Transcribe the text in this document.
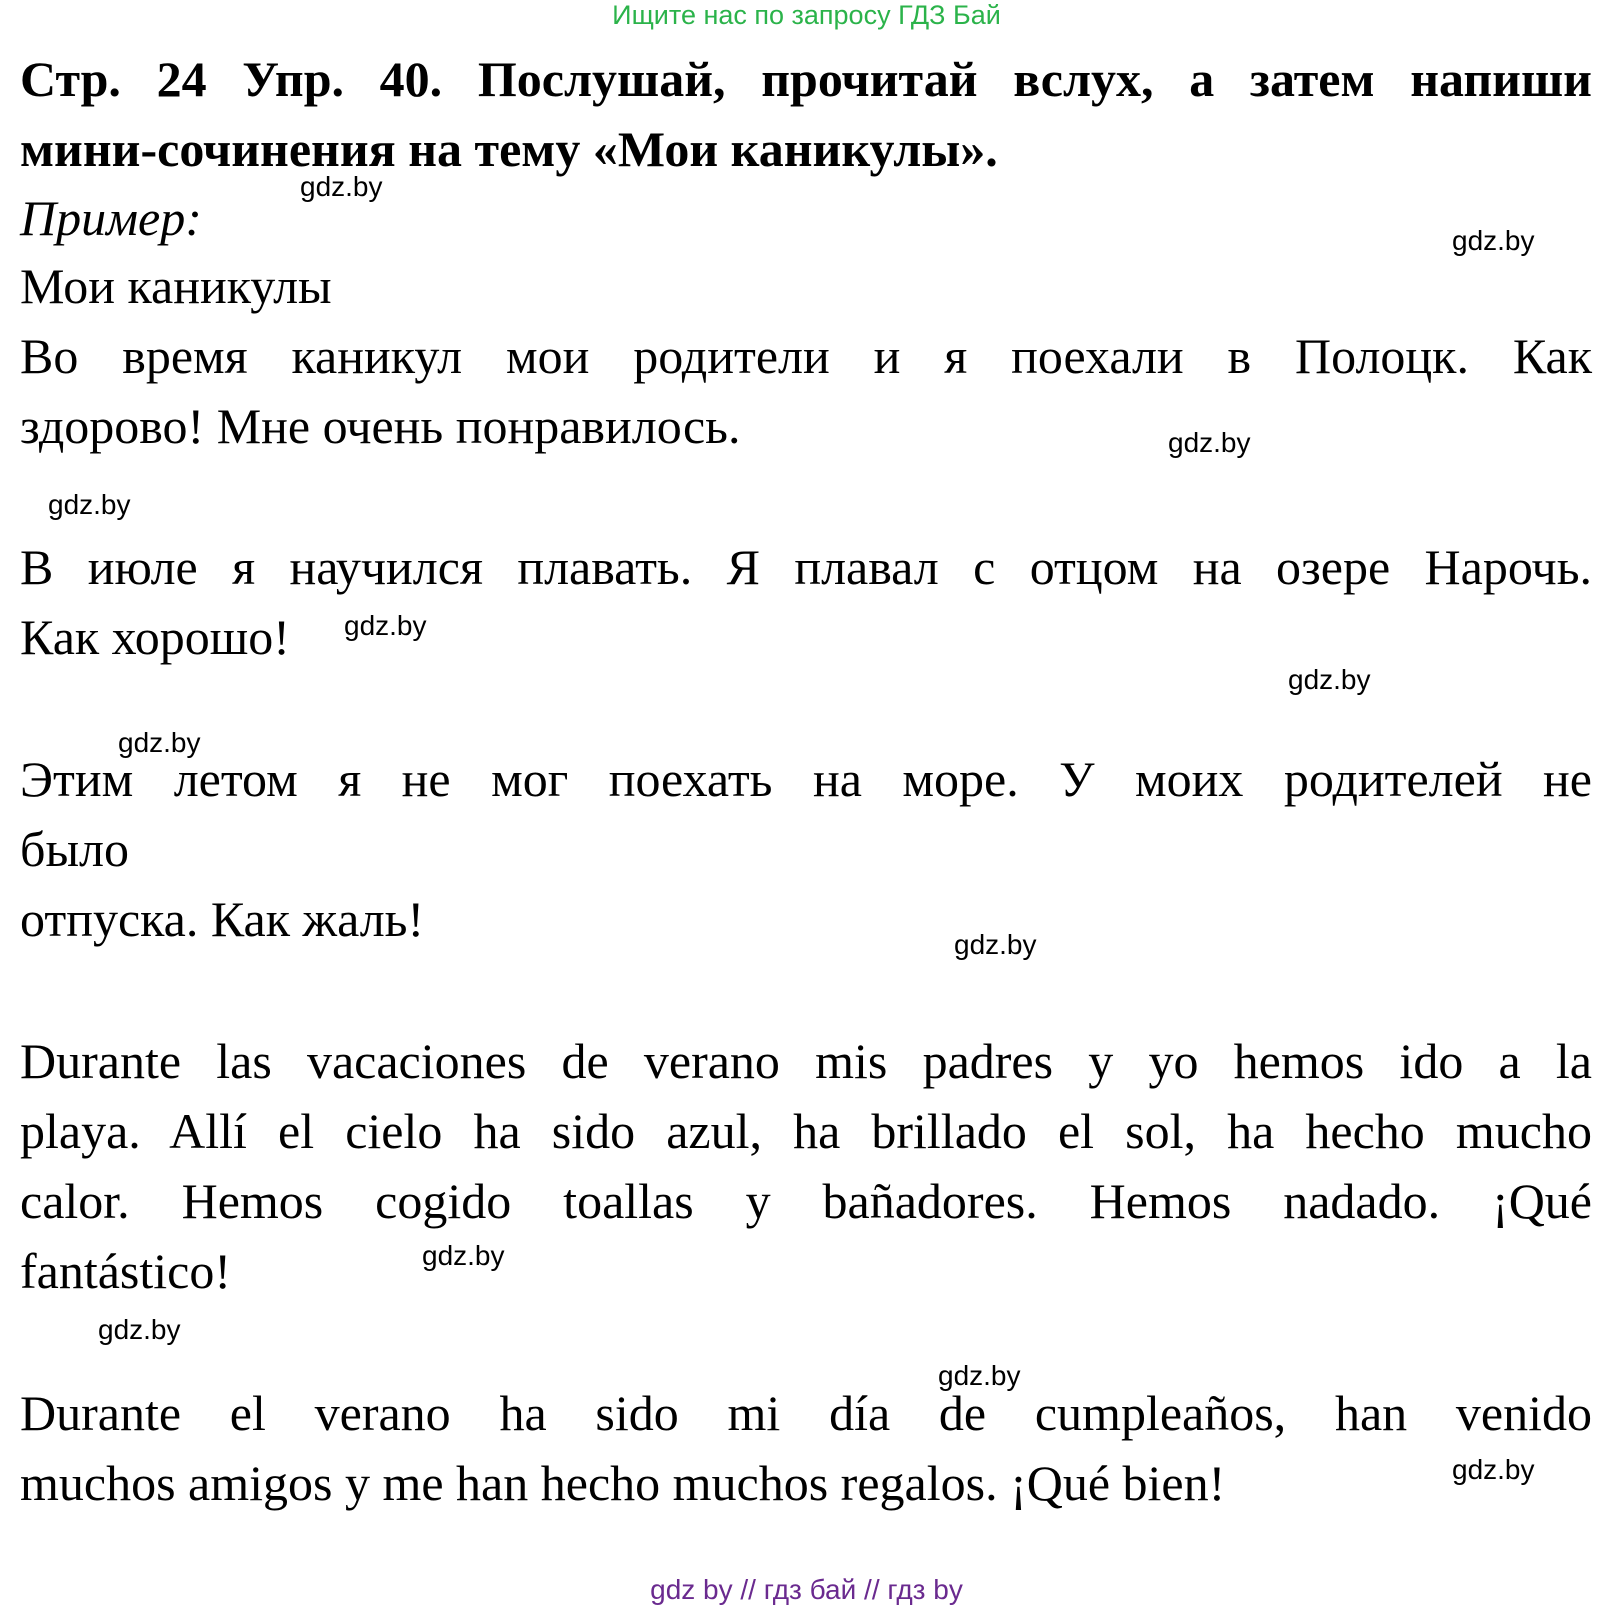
Ищите нас по запросу ГДЗ Бай
Стр. 24 Упр. 40. Послушай, прочитай вслух, а затем напиши
мини-сочинения на тему «Мои каникулы».
Пример:
Мои каникулы
Во время каникул мои родители и я поехали в Полоцк. Как
здорово! Мне очень понравилось.
В июле я научился плавать. Я плавал с отцом на озере Нарочь.
Как хорошо!
Этим летом я не мог поехать на море. У моих родителей не
было
отпуска. Как жаль!
Durante las vacaciones de verano mis padres y yo hemos ido a la
playa. Allí el cielo ha sido azul, ha brillado el sol, ha hecho mucho
calor. Hemos cogido toallas y bañadores. Hemos nadado. ¡Qué
fantástico!
Durante el verano ha sido mi día de cumpleaños, han venido
muchos amigos y me han hecho muchos regalos. ¡Qué bien!
gdz.by
gdz.by
gdz.by
gdz.by
gdz.by
gdz.by
gdz.by
gdz.by
gdz.by
gdz.by
gdz.by
gdz.by
gdz by // гдз бай // гдз by
